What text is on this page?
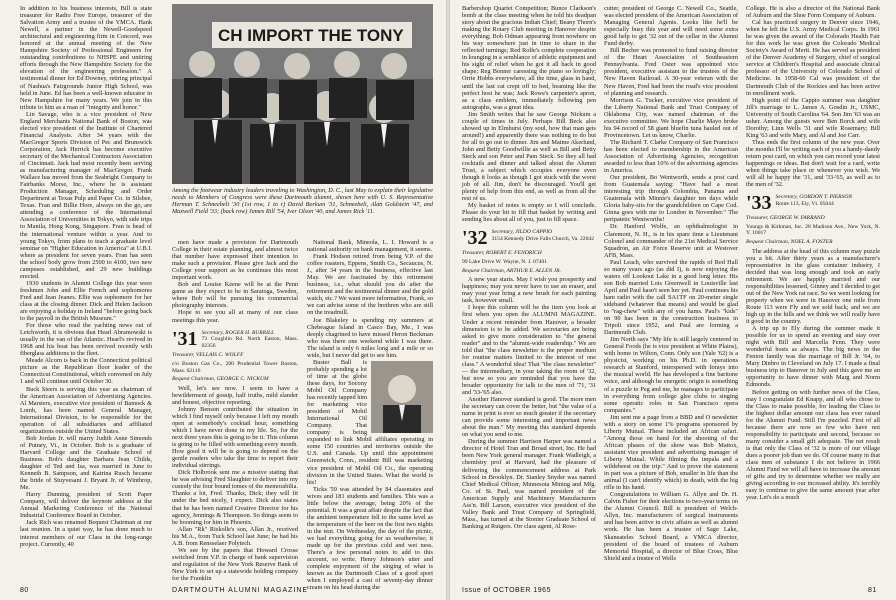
In addition to his business interests, Bill is state treasurer for Radio Free Europe, treasurer of the Salvation Army and a trustee of the YMCA. Hank Newell, a partner in the Newell-Goodspeed architectural and engineering firm in Concord, was honored at the annual meeting of the New Hampshire Society of Professional Engineers for outstanding contributions to NHSPE and untiring efforts through the New Hampshire Society for the elevation of the engineering profession." A testimonial dinner for Ed Downey, retiring principal of Nashua's Fairgrounds Junior High School, was held in June. Ed has been a well-known educator in New Hampshire for many years. We join in this tribute to him as a man of "integrity and honor."

Lin Savage, who is a vice president of New England Merchants National Bank of Boston, was elected vice president of the Institute of Chartered Financial Analysts. After 34 years with the MacGregor Sports Division of Pec and Brunswick Corporation, Jack Herrick has become executive secretary of the Mechanical Contractors Association of Cincinnati. Jack had most recently been serving as manufacturing manager of MacGregor. Frank Wallace has moved from the Seabright Company to Fairbanks Morse, Inc., where he is assistant Production Manager, Scheduling and Order Department at Texas Pulp and Paper Co. in Silsbee, Texas. Fran and Billie Hore, always on the go, are attending a conference of the International Association of Universities in Tokyo, with side trips to Manila, Hong Kong, Singapore. Fran is head of the international venture within a year. And to young Tokyo, from plans to teach a graduate level seminar on "Higher Education in America" at U.B.I. where as president for seven years. Fran has seen the school body grow from 2500 to 4100, two new campuses established, and 29 new buildings erected.

1930 students in Alumni College this year were freshmen John and Ellie French and sophomores Fred and Jean Jeanes. Ellie was sophomore for her class at the closing dinner. Dick and Helen Jackson are enjoying a holiday in Ireland "before going back to the payroll in the British Museum."

For those who read the yachting news out of Letchworth, it is obvious that Hearl Abramowski is usually in the van of the Atlantic. Hearl's revived in 1968 and his boat has been revived recently with fiberglass additions to the fleet.

Meade Alcorn is back in the Connecticut political picture as the Republican floor leader of the Connecticut Constitutional, which convened on July 1 and will continue until October 30.

Buck Steers is serving this year as chairman of the American Association of Advertising Agencies. Al Marsters, executive vice president of Bamock & Lomb, has been named General Manager, International Division, to be responsible for the operation of all subsidiaries and affiliated organizations outside the United States.

Bob Jordan Jr. will marry Judith Anne Simonds of Putney, Vt., in October. Bob is a graduate of Harvard College and the Graduate School of Business. Bob's daughter Barbara Jean Childs, daughter of Ted and Isa, was married in June to Kenneth B. Sampson, and Katrina Rusch became the bride of Stuyvesant J. Bryant Jr. of Winthrop, Me.

Harry Dunning, president of Scott Paper Company, will deliver the keynote address at the Annual Marketing Conference of the National Industrial Conference Board in October.

Jack Rich was renamed Bequest Chairman at our last reunion. In a quiet way, he has done much to interest members of our Class in the long-range project. Currently, 40

CH IMPORT THE TONY
Among the footwear industry leaders traveling to Washington, D. C., last May to explain their legislative needs to Members of Congress were these Dartmouth alumni, shown here with U. S. Representative Herman T. Schneebeli '30 (1st row, 1 to r) David Borkum '31, Schneebeli, Alan Goldstein '47, and Maxwell Field '33; (back row) James Rill '54, Iver Olson '40, and James Rick '11.

men have made a provision for Dartmouth College in their estate planning, and almost twice that number have expressed their intention to make such a provision. Please give Jack and the College your support as he continues this most important work.

Bob and Louise Keene will be at the Penn game as they expect to be in Saratoga, Sweden, where Bob will be pursuing his commercial photography interests.

Hope to see you all at many of our class meetings this year.

'31 Secretary, ROGER H. BURRILL
73 Coughlin Rd. North Easton, Mass. 02356
Treasurer, VELLAIS C. WOLFF
c/o Boston Gas Co., 200 Prudential Tower Boston, Mass. 02116
Bequest Chairman, GEORGE C. NICKUM

Well, let's see now. I seem to have a bewilderment of gossip, half truths, mild slander and honest, objective reporting.

Johnny Benson contributed the situation in which I find myself only because I left my mouth open at somebody's cocktail hour, something which I have never done in my life. So, for the next three years this is going to be it. This column is going to be filled with something every month. How good it will be is going to depend on the gentle readers who take the time to report their individual stirrings.

Dick Holbrook sent me a missive stating that he was advising Fred Slaughter to deliver into my custody the four bound tomes of the memorabilia. Thanks a lot, Fred. Thanks, Dick; they will fit under the bed nicely, I expect. Dick also states that he has been named Creative Director for his agency, Jennings & Thompson. So things seem to be booming for him in Phoenix.

Allan "Rk" Riskolle's son, Allan Jr., received his M.A., from Tuck School last June; he had his A.B. from Rensselaer Polytech.

We see by the papers that Howard Crosse switched from V.P. in charge of bank supervision and regulation of the New York Reserve Bank of New York to set up a statewide holding company for the Franklin

National Bank, Mineola, L. I. Howard is a national authority on bank management, it seems.

Frank Hodson retired from being V.P. of the coffee roasters, Eppens, Smith Co., Secaucus, N. J., after 34 years in the business, effective last May. We are fascinated by this retirement business, i.e., what should you do after the retirement and the testimonial dinner and the gold watch, etc.? We want more information, Frank, so we can advise some of the brethren who are still on the treadmill.

Joe Blakeley is spending my summers at Chebeague Island in Casco Bay, Me., I was deeply chagrined to have missed Heron Beckman who was there one weekend while I was there. The island is only 6 miles long and a mile or so wide, but I never did get to see him.

Buster Ball is probably spending a lot of time at the globe these days, for Socony Mobil Oil Company has recently tapped him for marketing vice president of Mobil International Oil Company. That company is being expanded to link Mobil affiliates operating in some 150 countries and territories outside the U.S. and Canada. Up until this appointment Greenwich, Conn., resident Bill was marketing vice president of Mobil Oil Co., the operating division in the United States. What the world is his!

Ticks '59 was attended by 84 classmates and wives and 181 students and families. This was a little below the average, being 20% of the potential. It was a great affair despite the fact that the ambient temperature fell to the same level as the temperature of the beer on the first two nights in the tent. On Wednesday, the day of the picnic, we had everything going for us weatherwise; it made up for the previous cold and wet ness. There's a few personal notes to add to this account, so write. Henry Johnson's utter and complete enjoyment of the singing of what is known as the Dartmouth Class of a good sport when I employed a cast of seventy-day dinner cream on his head during the

80	DARTMOUTH ALUMNI MAGAZINE

Barbershop Quartet Competition; Bunce Clarkson's bomb at the class meeting when he told his deadpan story about the gracious Indian Chief; Beany Thorn's making the Rotary Club meeting in Hanover despite everything; Bob Odman appearing from nowhere on his way somewhere just in time to share in the reflected turnings; Red Rolfe's complete cooperation in lounging in a semblance of athletic equipment and his sight of relief when he got it all back in good shape; Reg Bonner caressing the piano so lovingly; Orrie Hobbs everywhere, all the time, glass in hand, until the last cat crept off to bed, beaming like the perfect host he was; Jack Rowe's carpenter's apron, as a class emblem, immediately following pen autographs, was a great idea.

Jim Smith writes that he saw George Nickum a couple of times in July. Perhaps Bill Beck also showed up in Elmhurst (my soul, how that man gets around!) and apparently there was nothing to do but for all to go out to dinner. Jim and Maime Akerlund, John and Betty Goodwillie as well as Bill and Betty Steck and son Peter and Pam Steck. So they all had cocktails and dinner and talked about the Alumni Trust, a subject which occupies everyone even though it looks as though I got stuck with the worst job of all. Jim, don't be discouraged. You'll get plenty of help from this end, as well as from all the rest of us.

My basket of notes is empty so I will conclude. Please do your bit to fill that basket by writing and sending lies about all of you, just to fill space.

'32 Secretary, JILDO CAPPIO
3154 Kennedy Drive Falls Church, Va. 22042
Treasurer, ROBERT E. FENDRICH
99 Lake Drive W. Wayne, N. J. 07401
Bequest Chairman, ARTHUR E. ALLEN JR.

A new year starts. May I wish you prosperity and happiness; may you never have to use an eraser, and may your year bring a new brush for each painting task, however small.

I hope this column will be the item you look at first when you open the ALUMNI MAGAZINE. Under a recent reminder from Hanover, a broader dimension is to be added. We secretaries are being asked to give more consideration to "the general reader" and to the "alumni-wide readership." We are told that "the class newsletter is the proper medium for routine matters limited to the interest of one class." A wonderful idea! That "the class newsletter" — the intermediary, in your taking the room of '32, but now so you are reminded that you have the broader opportunity for talk to the men of '71, '31 and '33-'65 also.

Another Hanover standard is good. The more men the secretary can cover the better, but "the value of a name in print is ever so much greater if the secretary can provide some interesting and important news about the man." My meeting this standard depends on what you send to me.

During the summer Harrison Harper was named a director of Hotel Tran and Broad street, Inc. He had been New York general manager. Frank Wadleigh, a chemistry prof at Harvard, had the pleasure of delivering the commencement address at Park School in Brooklyn. Dr. Stanley Snyder was named Chief Medical Officer, Minnesota Mining and Mfg. Co. of St. Paul, was named president of the American Supply and Machinery Manufacturers Ass'n. Bill Larson, executive vice president of the Valley Bank and Trust Company of Springfield, Mass., has turned at the Stonier Graduate School of Banking at Rutgers. Orr class agent, Al Rose-

cutter, president of George C. Newell Co., Seattle, was elected president of the American Association of Managing General Agents. Looks like he'll be especially busy this year and will need some extra good help to get '32 out of the cellar in the Alumni Fund derby.

Bill Becher was promoted to fund raising director of the Heart Association of Southeastern Pennsylvania. Fred Oster was appointed vice president, executive assistant to the trustees of the New Haven Railroad. A 30-year veteran with the New Haven, Fred had been the road's vice president of planning and research.

Morrison G. Tucker, executive vice president of the Liberty National Bank and Trust Company of Oklahoma City, was named chairman of the executive committee. We hope Charlie Mayo broke his 94 record of 58 giant bluefin tuna hauled out of Provincetown. Let us know, Charlie.

The Richard T. Clarke Company of San Francisco has been elected to membership in the American Association of Advertising Agencies, recognition awarded to less than 10% of the advertising agencies in America.

Our president, Bo Wentworth, sends a post card from Guatemala saying: "Have had a most interesting trip through Colombia, Panama and Guatemala with Minnie's daughter ten days while Gloria bahy-sits for the grandchildren on Cape Cod. Ginna goes with me to London in November." The peripatetic Wentworths!

Dr. Hanford Wolfe, an ophthalmologist in Claremont, N. H., is in his spare time a Lieutenant Colonel and commander of the 21st Medical Service Squadron, an Air Force Reserve unit at Westover AFB, Mass.

Paul Leach, who survived the rapids of Red Hall so many years ago (as did I), is now enjoying the waters off Lookout Lake in a good long letter. His son Bob married Lois Greenwell in Louisville last April and Paul hasn't seen her yet. Paul continues his ham radio with the call SA1TF on 20-meter single sideband (whatever that means) and would be glad to "rag-chew" with any of you hams. Paul's "kids" on 90 has been in the construction business in Tripoli since 1952, and Paul are forming a Dartmouth Club.

Jim North says "My life is still largely centered in General Foods (he is vice president at White Plains), with home in Wilton, Conn. Only son (Yale '62) is a physicist, working on his Ph.D. in operations research at Stanford, interspersed with forays into the musical world. He has developed a fine baritone voice, and although he energetic origin is something of a puzzle to Peg and me, he manages to participate in everything from college glee clubs to singing some operatic roles in San Francisco opera companies."

Jim sent me a page from a BBD and O newsletter with a story on some 1% programs sponsored by Liberty Mutual. These included an African safari. "Among those on hand for the shooting of the African phases of the show was Bob Mattox, assistant vice president and advertising manager of Liberty Mutual. While filming the impala and a wildebeest on the trip." And to prove the statement in part was a picture of Bob, smaller in life than the animal (I can't identify which) in death, with the big rifle in his hand.

Congratulations to William G. Allyn and Dr. H. Calvin Fisher for their elections to two-year terms on the Alumni Council. Bill is president of Welch-Allyn, Inc. manufacturers of surgical instruments and has been active in civic affairs as well as alumni work. He has been a trustee of Sage Lake, Skaneateles School Board, a YMCA director, president of the board of trustees of Auburn Memorial Hospital, a director of Blue Cross, Blue Shield and a trustee of Wells

College. He is also a director of the National Bank of Auburn and the Shoe Form Company of Auburn.

Cal has practiced surgery in Denver since 1946, when he left the U.S. Army Medical Corps. In 1961 he was given the award of the Colorado Health Fair for this work he was given the Colorado Medical Society's Award of Merit. He has served as president of the Denver Academy of Surgery, chief of surgical service at Children's Hospital and associate clinical professor of the University of Colorado School of Medicine. In 1958-60 Cal was president of the Dartmouth Club of the Rockies and has been active in enrollment work.

High point of the Cappio summer was daughter Jill's marriage to L. James A. Gosdin Jr., USMC, University of South Carolina '64. Son Jim '63 was an usher. Among the guests were Ben Borck and wife Dorothy; Linn Wells '31 and wife Rosemary; Bill King '63 and wife Mary, and Al and Joe Carr.

Thus ends the first column of the new year. Over the months I'll be writing each of you a handy-dandy return post card, on which you can record your latest happenings or ideas. But don't wait for a card, write when things take place or whenever you wish. We will all be happy the '31, and '33-'65, as well as to the men of '32.

'33 Secretary, GORDON T. PIERSON
Route 113, Ely, Vt. 05044
Treasurer, GEORGE W. FARRAND
Youngs & Kirkman, Inc. 28 Madison Ave., New York, N. Y. 10017
Bequest Chairman, NOEL A. FOSTER

The address at the head of this column may puzzle you a bit. After thirty years as a manufacturer's representative in the glass container industry, I decided that was long enough and took an early retirement. We are happily married and our responsibilities lessened, Ginney and I decided to get out of the New York rat race. So we went looking for property when we were in Hanover one mile from Route 113 were Fly and we sold back; and we are high up in the hills and we think we will really have it good in the country.

A trip up to Ely during the summer made it possible for us to spend an evening and stay over night with Bill and Marcella Fenn. They were wonderful hosts as always. The big news in the Fenton family was the marriage of Bill Jr. '64, to Mary Dinbro in Cleveland on July 17. I made a final business trip to Hanover in July and this gave me an opportunity to have dinner with Marg and Norm Edmonds.

Before getting on with further news of the Class, may I congratulate Ed Knapp, and all who chose to the Class to make possible, for leading the Class to the highest dollar amount our class has ever raised for the Alumni Fund. Still I'm puzzled. First of all because there are now so few who have not responsibility to participate and second, because so many consider a small gift adequate. The net result is that only the Class of '32 is more of our village dues a poorer job than we do. Of course many in that class men of substance I do not believe in 1966 Alumni Fund we will all have to increase the amount of gifts and try to determine whether we really are giving according to our increased ability. It's terribly easy to continue to give the same amount year after year. Let's do a much

Issue of OCTOBER 1965	81
